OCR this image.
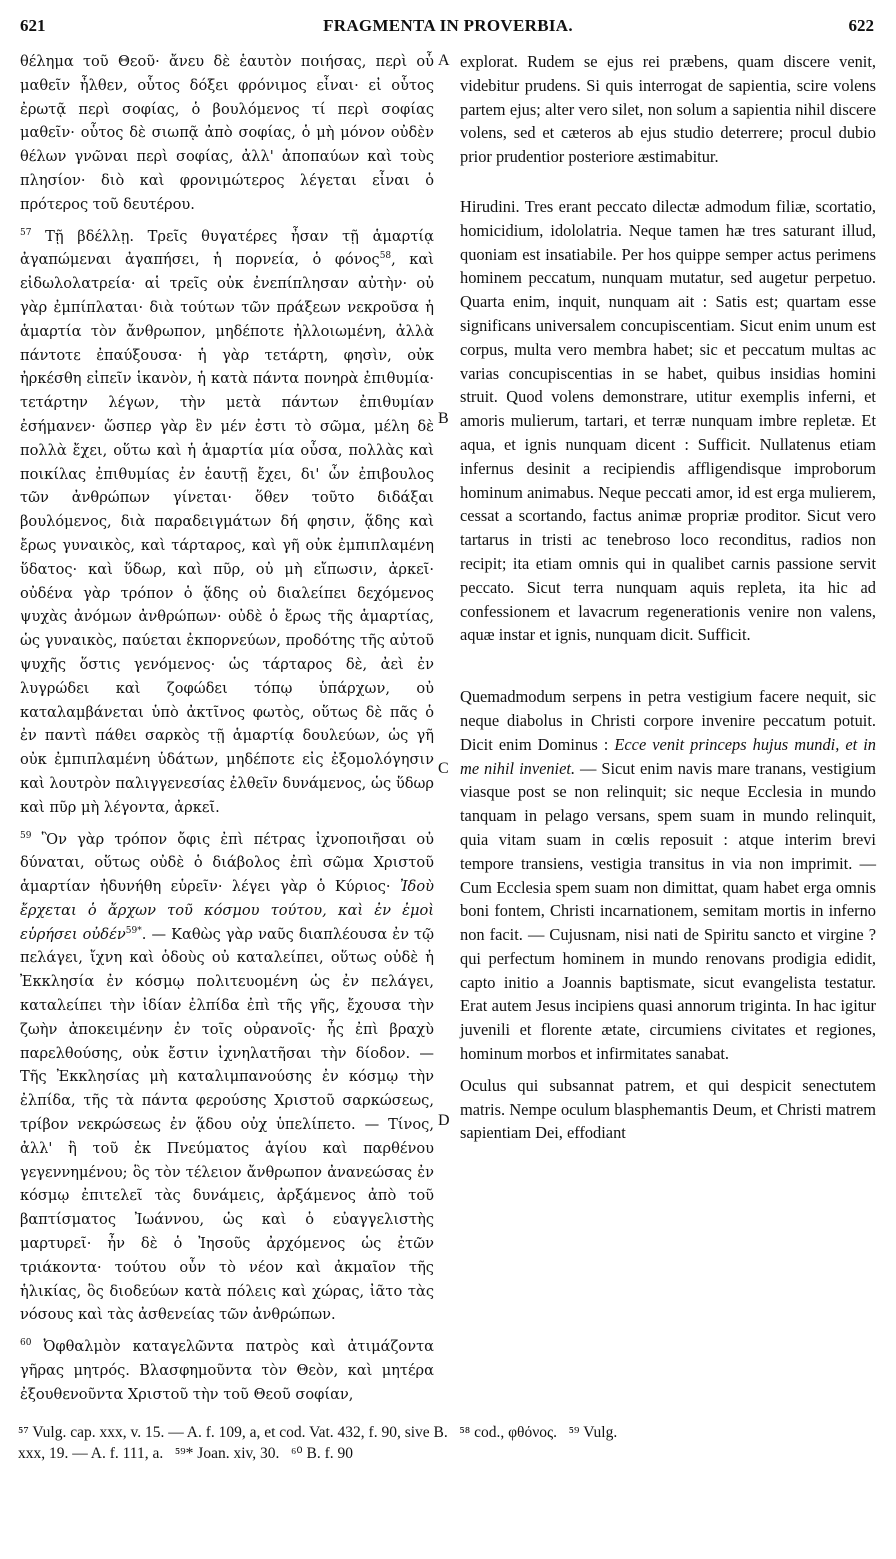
621	FRAGMENTA IN PROVERBIA.	622
A
B
C
D

θέλημα τοῦ Θεοῦ· ἄνευ δὲ ἑαυτὸν ποιήσας, περὶ οὗ μαθεῖν ἦλθεν, οὗτος δόξει φρόνιμος εἶναι· εἰ οὗτος ἐρωτᾷ περὶ σοφίας, ὁ βουλόμενος τί περὶ σοφίας μαθεῖν· οὗτος δὲ σιωπᾷ ἀπὸ σοφίας, ὁ μὴ μόνον οὐδὲν θέλων γνῶναι περὶ σοφίας, ἀλλ' ἀποπαύων καὶ τοὺς πλησίον· διὸ καὶ φρονιμώτερος λέγεται εἶναι ὁ πρότερος τοῦ δευτέρου.

$^{57}$ Τῇ βδέλλῃ. Τρεῖς θυγατέρες ἦσαν τῇ ἁμαρτίᾳ ἀγαπώμεναι ἀγαπήσει, ἡ πορνεία, ὁ φόνος$^{58}$, καὶ εἰδωλολατρεία· αἱ τρεῖς οὐκ ἐνεπίπλησαν αὐτὴν· οὐ γὰρ ἐμπίπλαται· διὰ τούτων τῶν πράξεων νεκροῦσα ἡ ἁμαρτία τὸν ἄνθρωπον, μηδέποτε ἠλλοιωμένη, ἀλλὰ πάντοτε ἐπαύξουσα· ἡ γὰρ τετάρτη, φησὶν, οὐκ ἠρκέσθη εἰπεῖν ἱκανὸν, ἡ κατὰ πάντα πονηρὰ ἐπιθυμία· τετάρτην λέγων, τὴν μετὰ πάντων ἐπιθυμίαν ἐσήμανεν· ὥσπερ γὰρ ἓν μέν ἐστι τὸ σῶμα, μέλη δὲ πολλὰ ἔχει, οὕτω καὶ ἡ ἁμαρτία μία οὖσα, πολλὰς καὶ ποικίλας ἐπιθυμίας ἐν ἑαυτῇ ἔχει, δι' ὧν ἐπιβουλος τῶν ἀνθρώπων γίνεται· ὅθεν τοῦτο διδάξαι βουλόμενος, διὰ παραδειγμάτων δή φησιν, ᾅδης καὶ ἔρως γυναικὸς, καὶ τάρταρος, καὶ γῆ οὐκ ἐμπιπλαμένη ὕδατος· καὶ ὕδωρ, καὶ πῦρ, οὐ μὴ εἴπωσιν, ἀρκεῖ· οὐδένα γὰρ τρόπον ὁ ᾅδης οὐ διαλείπει δεχόμενος ψυχὰς ἀνόμων ἀνθρώπων· οὐδὲ ὁ ἔρως τῆς ἁμαρτίας, ὡς γυναικὸς, παύεται ἐκπορνεύων, προδότης τῆς αὐτοῦ ψυχῆς ὅστις γενόμενος· ὡς τάρταρος δὲ, ἀεὶ ἐν λυγρώδει καὶ ζοφώδει τόπῳ ὑπάρχων, οὐ καταλαμβάνεται ὑπὸ ἀκτῖνος φωτὸς, οὕτως δὲ πᾶς ὁ ἐν παντὶ πάθει σαρκὸς τῇ ἁμαρτίᾳ δουλεύων, ὡς γῆ οὐκ ἐμπιπλαμένη ὑδάτων, μηδέποτε εἰς ἐξομολόγησιν καὶ λουτρὸν παλιγγενεσίας ἐλθεῖν δυνάμενος, ὡς ὕδωρ καὶ πῦρ μὴ λέγοντα, ἀρκεῖ.

$^{59}$ Ὃν γὰρ τρόπον ὄφις ἐπὶ πέτρας ἰχνοποιῆσαι οὐ δύναται, οὕτως οὐδὲ ὁ διάβολος ἐπὶ σῶμα Χριστοῦ ἁμαρτίαν ἠδυνήθη εὑρεῖν· λέγει γὰρ ὁ Κύριος· Ἰδοὺ ἔρχεται ὁ ἄρχων τοῦ κόσμου τούτου, καὶ ἐν ἐμοὶ εὑρήσει οὐδέν$^{59*}$. — Καθὼς γὰρ ναῦς διαπλέουσα ἐν τῷ πελάγει, ἴχνη καὶ ὁδοὺς οὐ καταλείπει, οὕτως οὐδὲ ἡ Ἐκκλησία ἐν κόσμῳ πολιτευομένη ὡς ἐν πελάγει, καταλείπει τὴν ἰδίαν ἐλπίδα ἐπὶ τῆς γῆς, ἔχουσα τὴν ζωὴν ἀποκειμένην ἐν τοῖς οὐρανοῖς· ἧς ἐπὶ βραχὺ παρελθούσης, οὐκ ἔστιν ἰχνηλατῆσαι τὴν δίοδον. — Τῆς Ἐκκλησίας μὴ καταλιμπανούσης ἐν κόσμῳ τὴν ἐλπίδα, τῆς τὰ πάντα φερούσης Χριστοῦ σαρκώσεως, τρίβον νεκρώσεως ἐν ᾅδου οὐχ ὑπελίπετο. — Τίνος, ἀλλ' ἢ τοῦ ἐκ Πνεύματος ἁγίου καὶ παρθένου γεγεννημένου; ὃς τὸν τέλειον ἄνθρωπον ἀνανεώσας ἐν κόσμῳ ἐπιτελεῖ τὰς δυνάμεις, ἀρξάμενος ἀπὸ τοῦ βαπτίσματος Ἰωάννου, ὡς καὶ ὁ εὐαγγελιστὴς μαρτυρεῖ· ἦν δὲ ὁ Ἰησοῦς ἀρχόμενος ὡς ἐτῶν τριάκοντα· τούτου οὖν τὸ νέον καὶ ἀκμαῖον τῆς ἡλικίας, ὃς διοδεύων κατὰ πόλεις καὶ χώρας, ἰᾶτο τὰς νόσους καὶ τὰς ἀσθενείας τῶν ἀνθρώπων.

$^{60}$ Ὀφθαλμὸν καταγελῶντα πατρὸς καὶ ἀτιμάζοντα γῆρας μητρός. Βλασφημοῦντα τὸν Θεὸν, καὶ μητέρα ἐξουθενοῦντα Χριστοῦ τὴν τοῦ Θεοῦ σοφίαν,

explorat. Rudem se ejus rei præbens, quam discere venit, videbitur prudens. Si quis interrogat de sapientia, scire volens partem ejus; alter vero silet, non solum a sapientia nihil discere volens, sed et cæteros ab ejus studio deterrere; procul dubio prior prudentior posteriore æstimabitur.

Hirudini. Tres erant peccato dilectæ admodum filiæ, scortatio, homicidium, idololatria. Neque tamen hæ tres saturant illud, quoniam est insatiabile. Per hos quippe semper actus perimens hominem peccatum, nunquam mutatur, sed augetur perpetuo. Quarta enim, inquit, nunquam ait : Satis est; quartam esse significans universalem concupiscentiam. Sicut enim unum est corpus, multa vero membra habet; sic et peccatum multas ac varias concupiscentias in se habet, quibus insidias homini struit. Quod volens demonstrare, utitur exemplis inferni, et amoris mulierum, tartari, et terræ nunquam imbre repletæ. Et aqua, et ignis nunquam dicent : Sufficit. Nullatenus etiam infernus desinit a recipiendis affligendisque improborum hominum animabus. Neque peccati amor, id est erga mulierem, cessat a scortando, factus animæ propriæ proditor. Sicut vero tartarus in tristi ac tenebroso loco reconditus, radios non recipit; ita etiam omnis qui in qualibet carnis passione servit peccato. Sicut terra nunquam aquis repleta, ita hic ad confessionem et lavacrum regenerationis venire non valens, aquæ instar et ignis, nunquam dicit. Sufficit.

Quemadmodum serpens in petra vestigium facere nequit, sic neque diabolus in Christi corpore invenire peccatum potuit. Dicit enim Dominus : Ecce venit princeps hujus mundi, et in me nihil inveniet. — Sicut enim navis mare tranans, vestigium viasque post se non relinquit; sic neque Ecclesia in mundo tanquam in pelago versans, spem suam in mundo relinquit, quia vitam suam in cœlis reposuit : atque interim brevi tempore transiens, vestigia transitus in via non imprimit. — Cum Ecclesia spem suam non dimittat, quam habet erga omnis boni fontem, Christi incarnationem, semitam mortis in inferno non facit. — Cujusnam, nisi nati de Spiritu sancto et virgine ? qui perfectum hominem in mundo renovans prodigia edidit, capto initio a Joannis baptismate, sicut evangelista testatur. Erat autem Jesus incipiens quasi annorum triginta. In hac igitur juvenili et florente ætate, circumiens civitates et regiones, hominum morbos et infirmitates sanabat.

Oculus qui subsannat patrem, et qui despicit senectutem matris. Nempe oculum blasphemantis Deum, et Christi matrem sapientiam Dei, effodiant

⁵⁷ Vulg. cap. xxx, v. 15. — A. f. 109, a, et cod. Vat. 432, f. 90, sive B.   ⁵⁸ cod., φθόνος.   ⁵⁹ Vulg.
xxx, 19. — A. f. 111, a.   ⁵⁹* Joan. xiv, 30.   ⁶⁰ B. f. 90
